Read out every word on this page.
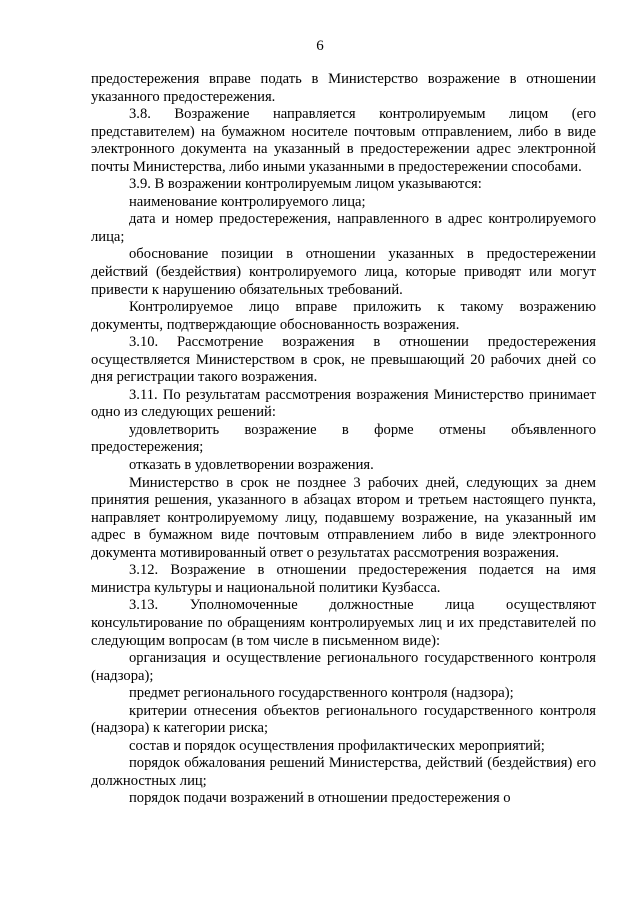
6

предостережения вправе подать в Министерство возражение в отношении указанного предостережения.

3.8. Возражение направляется контролируемым лицом (его представителем) на бумажном носителе почтовым отправлением, либо в виде электронного документа на указанный в предостережении адрес электронной почты Министерства, либо иными указанными в предостережении способами.

3.9. В возражении контролируемым лицом указываются:

наименование контролируемого лица;

дата и номер предостережения, направленного в адрес контролируемого лица;

обоснование позиции в отношении указанных в предостережении действий (бездействия) контролируемого лица, которые приводят или могут привести к нарушению обязательных требований.

Контролируемое лицо вправе приложить к такому возражению документы, подтверждающие обоснованность возражения.

3.10. Рассмотрение возражения в отношении предостережения осуществляется Министерством в срок, не превышающий 20 рабочих дней со дня регистрации такого возражения.

3.11. По результатам рассмотрения возражения Министерство принимает одно из следующих решений:

удовлетворить возражение в форме отмены объявленного предостережения;

отказать в удовлетворении возражения.

Министерство в срок не позднее 3 рабочих дней, следующих за днем принятия решения, указанного в абзацах втором и третьем настоящего пункта, направляет контролируемому лицу, подавшему возражение, на указанный им адрес в бумажном виде почтовым отправлением либо в виде электронного документа мотивированный ответ о результатах рассмотрения возражения.

3.12. Возражение в отношении предостережения подается на имя министра культуры и национальной политики Кузбасса.

3.13. Уполномоченные должностные лица осуществляют консультирование по обращениям контролируемых лиц и их представителей по следующим вопросам (в том числе в письменном виде):

организация и осуществление регионального государственного контроля (надзора);

предмет регионального государственного контроля (надзора);

критерии отнесения объектов регионального государственного контроля (надзора) к категории риска;

состав и порядок осуществления профилактических мероприятий;

порядок обжалования решений Министерства, действий (бездействия) его должностных лиц;

порядок подачи возражений в отношении предостережения о
